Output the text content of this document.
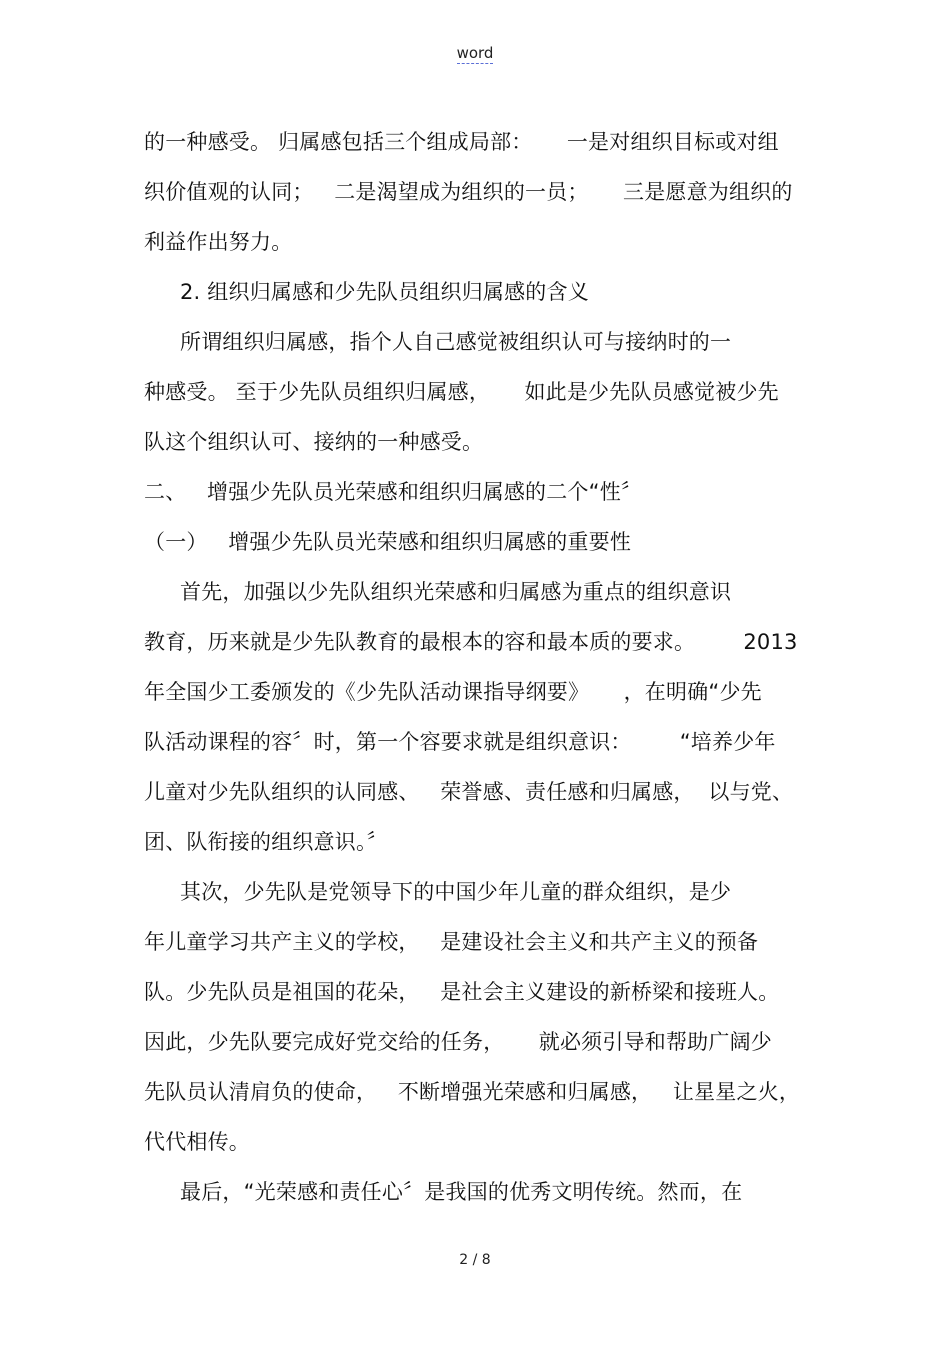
word
的一种感受。 归属感包括三个组成局部：     一是对组织目标或对组
织价值观的认同；   二是渴望成为组织的一员；     三是愿意为组织的
利益作出努力。
2. 组织归属感和少先队员组织归属感的含义
所谓组织归属感，指个人自己感觉被组织认可与接纳时的一
种感受。 至于少先队员组织归属感，     如此是少先队员感觉被少先
队这个组织认可、接纳的一种感受。
二、   增强少先队员光荣感和组织归属感的二个“性〞
（一）   增强少先队员光荣感和组织归属感的重要性
首先，加强以少先队组织光荣感和归属感为重点的组织意识
教育，历来就是少先队教育的最根本的容和最本质的要求。       2013
年全国少工委颁发的《少先队活动课指导纲要》     ，在明确“少先
队活动课程的容〞时，第一个容要求就是组织意识：       “培养少年
儿童对少先队组织的认同感、   荣誉感、责任感和归属感，  以与党、
团、队衔接的组织意识。〞
其次，少先队是党领导下的中国少年儿童的群众组织，是少
年儿童学习共产主义的学校，   是建设社会主义和共产主义的预备
队。少先队员是祖国的花朵，   是社会主义建设的新桥梁和接班人。
因此，少先队要完成好党交给的任务，     就必须引导和帮助广阔少
先队员认清肩负的使命，   不断增强光荣感和归属感，   让星星之火，
代代相传。
最后，“光荣感和责任心〞是我国的优秀文明传统。然而，在
2 / 8
